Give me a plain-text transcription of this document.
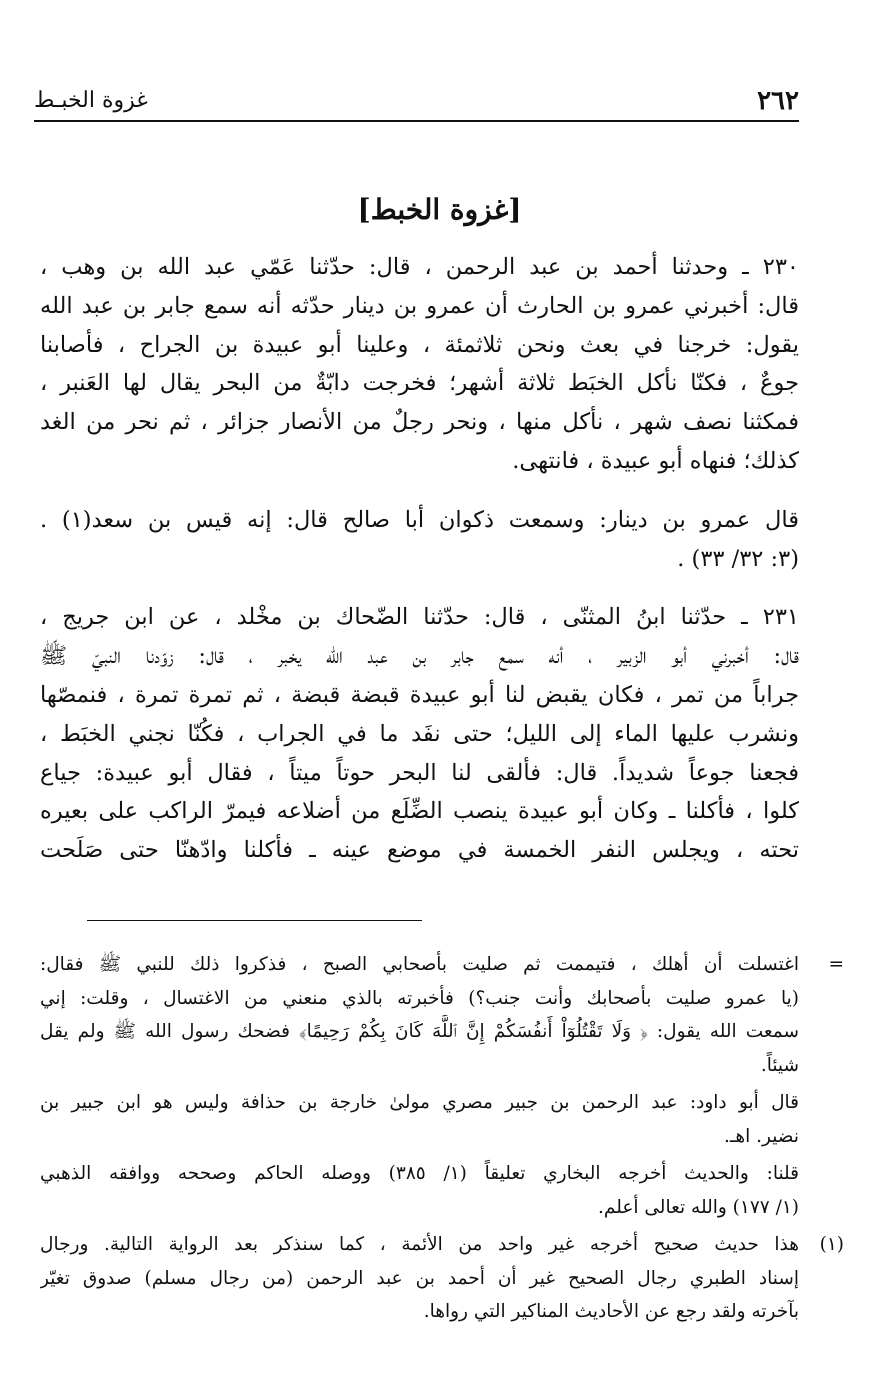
٢٦٢
غزوة الخبـط
[غزوة الخبط]

٢٣٠ ـ وحدثنا أحمد بن عبد الرحمن ، قال: حدّثنا عَمّي عبد الله بن وهب ،
قال: أخبرني عمرو بن الحارث أن عمرو بن دينار حدّثه أنه سمع جابر بن عبد الله
يقول: خرجنا في بعث ونحن ثلاثمئة ، وعلينا أبو عبيدة بن الجراح ، فأصابنا
جوعٌ ، فكنّا نأكل الخبَط ثلاثة أشهر؛ فخرجت دابّةٌ من البحر يقال لها العَنبر ،
فمكثنا نصف شهر ، نأكل منها ، ونحر رجلٌ من الأنصار جزائر ، ثم نحر من الغد
كذلك؛ فنهاه أبو عبيدة ، فانتهى.

قال عمرو بن دينار: وسمعت ذكوان أبا صالح قال: إنه قيس بن سعد(١) .
(٣: ٣٢/ ٣٣) .

٢٣١ ـ حدّثنا ابنُ المثنّى ، قال: حدّثنا الضّحاك بن مخْلد ، عن ابن جريج ،
قال: أخبرني أبو الزبير ، أنه سمع جابر بن عبد الله يخبر ، قال: زوّدنا النبيّ ﷺ
جراباً من تمر ، فكان يقبض لنا أبو عبيدة قبضة قبضة ، ثم تمرة تمرة ، فنمصّها
ونشرب عليها الماء إلى الليل؛ حتى نفَد ما في الجراب ، فكُنّا نجني الخبَط ،
فجعنا جوعاً شديداً. قال: فألقى لنا البحر حوتاً ميتاً ، فقال أبو عبيدة: جياع
كلوا ، فأكلنا ـ وكان أبو عبيدة ينصب الضِّلَع من أضلاعه فيمرّ الراكب على بعيره
تحته ، ويجلس النفر الخمسة في موضع عينه ـ فأكلنا وادّهنّا حتى صَلَحت

=
اغتسلت أن أهلك ، فتيممت ثم صليت بأصحابي الصبح ، فذكروا ذلك للنبي ﷺ فقال:
(يا عمرو صليت بأصحابك وأنت جنب؟) فأخبرته بالذي منعني من الاغتسال ، وقلت: إني
سمعت الله يقول: ﴿ وَلَا تَقْتُلُوٓاْ أَنفُسَكُمْ إِنَّ ٱللَّهَ كَانَ بِكُمْ رَحِيمًا﴾ فضحك رسول الله ﷺ ولم يقل
شيئاً.
قال أبو داود: عبد الرحمن بن جبير مصري مولىٰ خارجة بن حذافة وليس هو ابن جبير بن
نضير. اهـ.
قلنا: والحديث أخرجه البخاري تعليقاً (١/ ٣٨٥) ووصله الحاكم وصححه ووافقه الذهبي
(١/ ١٧٧) والله تعالى أعلم.
(١)
هذا حديث صحيح أخرجه غير واحد من الأئمة ، كما سنذكر بعد الرواية التالية. ورجال
إسناد الطبري رجال الصحيح غير أن أحمد بن عبد الرحمن (من رجال مسلم) صدوق تغيّر
بآخرته ولقد رجع عن الأحاديث المناكير التي رواها.
